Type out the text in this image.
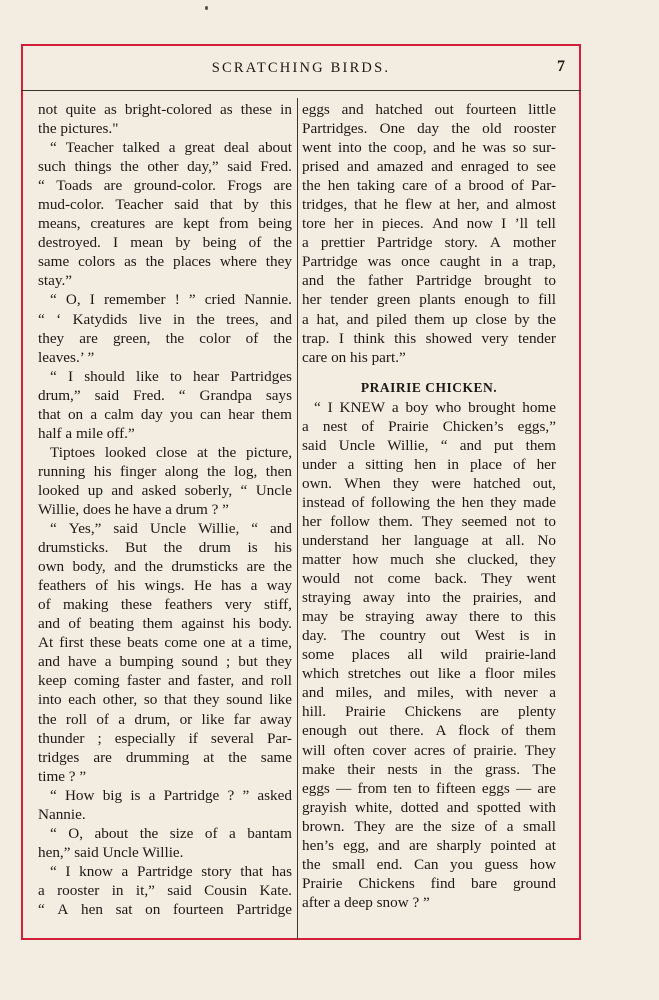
SCRATCHING BIRDS.	7
not quite as bright-colored as these in
the pictures."
“ Teacher talked a great deal about
such things the other day,” said Fred.
“ Toads are ground-color. Frogs are
mud-color. Teacher said that by this
means, creatures are kept from being
destroyed. I mean by being of the
same colors as the places where they
stay.”
“ O, I remember ! ” cried Nannie.
“ ‘ Katydids live in the trees, and
they are green, the color of the
leaves.’ ”
“ I should like to hear Partridges
drum,” said Fred. “ Grandpa says
that on a calm day you can hear them
half a mile off.”
Tiptoes looked close at the picture,
running his finger along the log, then
looked up and asked soberly, “ Uncle
Willie, does he have a drum ? ”
“ Yes,” said Uncle Willie, “ and
drumsticks. But the drum is his
own body, and the drumsticks are the
feathers of his wings. He has a way
of making these feathers very stiff,
and of beating them against his body.
At first these beats come one at a time,
and have a bumping sound ; but they
keep coming faster and faster, and roll
into each other, so that they sound like
the roll of a drum, or like far away
thunder ; especially if several Par-
tridges are drumming at the same
time ? ”
“ How big is a Partridge ? ” asked
Nannie.
“ O, about the size of a bantam
hen,” said Uncle Willie.
“ I know a Partridge story that has
a rooster in it,” said Cousin Kate.
“ A hen sat on fourteen Partridge
eggs and hatched out fourteen little
Partridges. One day the old rooster
went into the coop, and he was so sur-
prised and amazed and enraged to see
the hen taking care of a brood of Par-
tridges, that he flew at her, and almost
tore her in pieces. And now I ’ll tell
a prettier Partridge story. A mother
Partridge was once caught in a trap,
and the father Partridge brought to
her tender green plants enough to fill
a hat, and piled them up close by the
trap. I think this showed very tender
care on his part.”
PRAIRIE CHICKEN.
“ I KNEW a boy who brought home
a nest of Prairie Chicken’s eggs,”
said Uncle Willie, “ and put them
under a sitting hen in place of her
own. When they were hatched out,
instead of following the hen they made
her follow them. They seemed not to
understand her language at all. No
matter how much she clucked, they
would not come back. They went
straying away into the prairies, and
may be straying away there to this
day. The country out West is in
some places all wild prairie-land
which stretches out like a floor miles
and miles, and miles, with never a
hill. Prairie Chickens are plenty
enough out there. A flock of them
will often cover acres of prairie. They
make their nests in the grass. The
eggs — from ten to fifteen eggs — are
grayish white, dotted and spotted with
brown. They are the size of a small
hen’s egg, and are sharply pointed at
the small end. Can you guess how
Prairie Chickens find bare ground
after a deep snow ? ”
